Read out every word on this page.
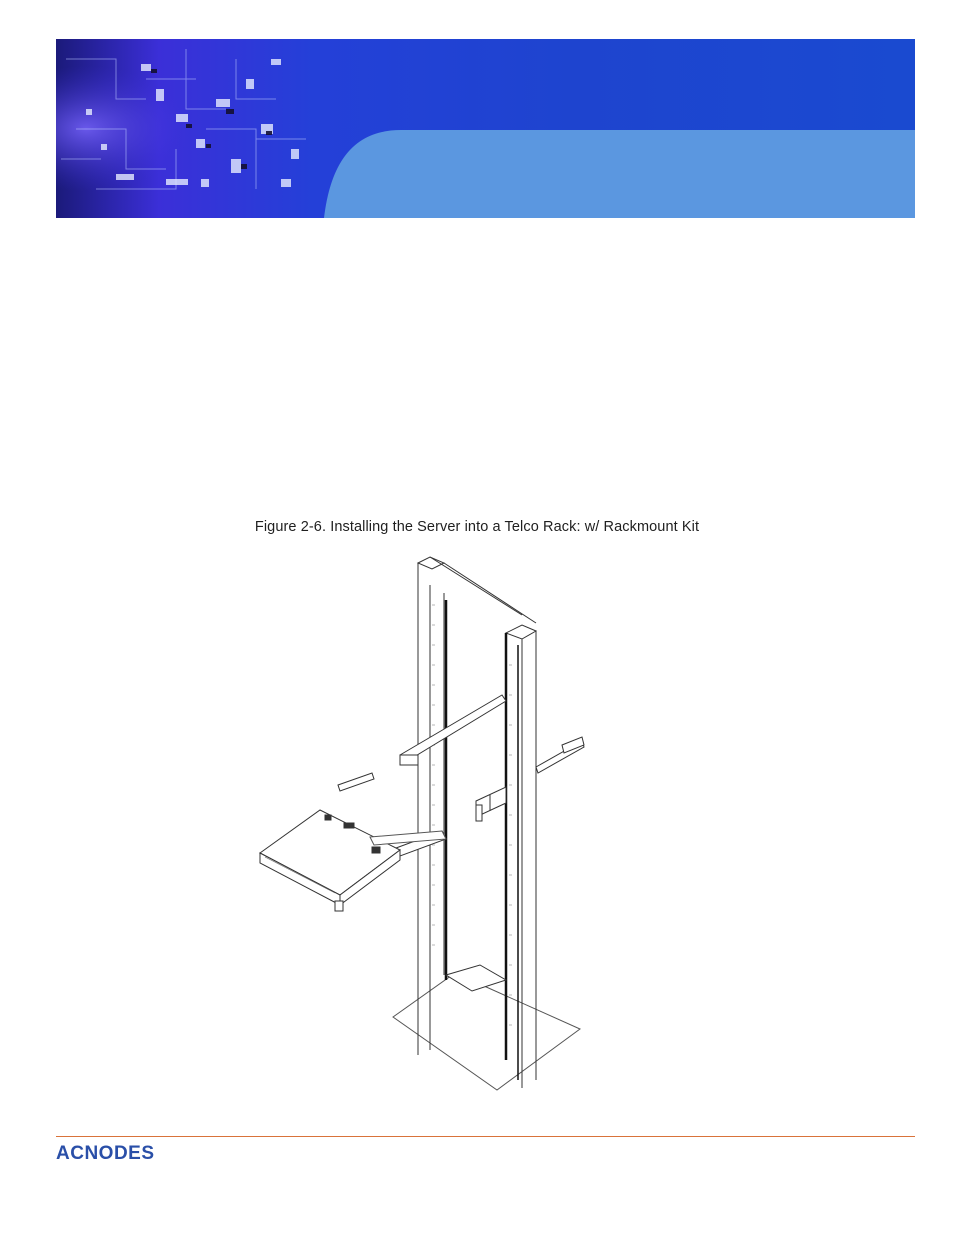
Figure 2-6. Installing the Server into a Telco Rack: w/ Rackmount Kit
ACNODES
